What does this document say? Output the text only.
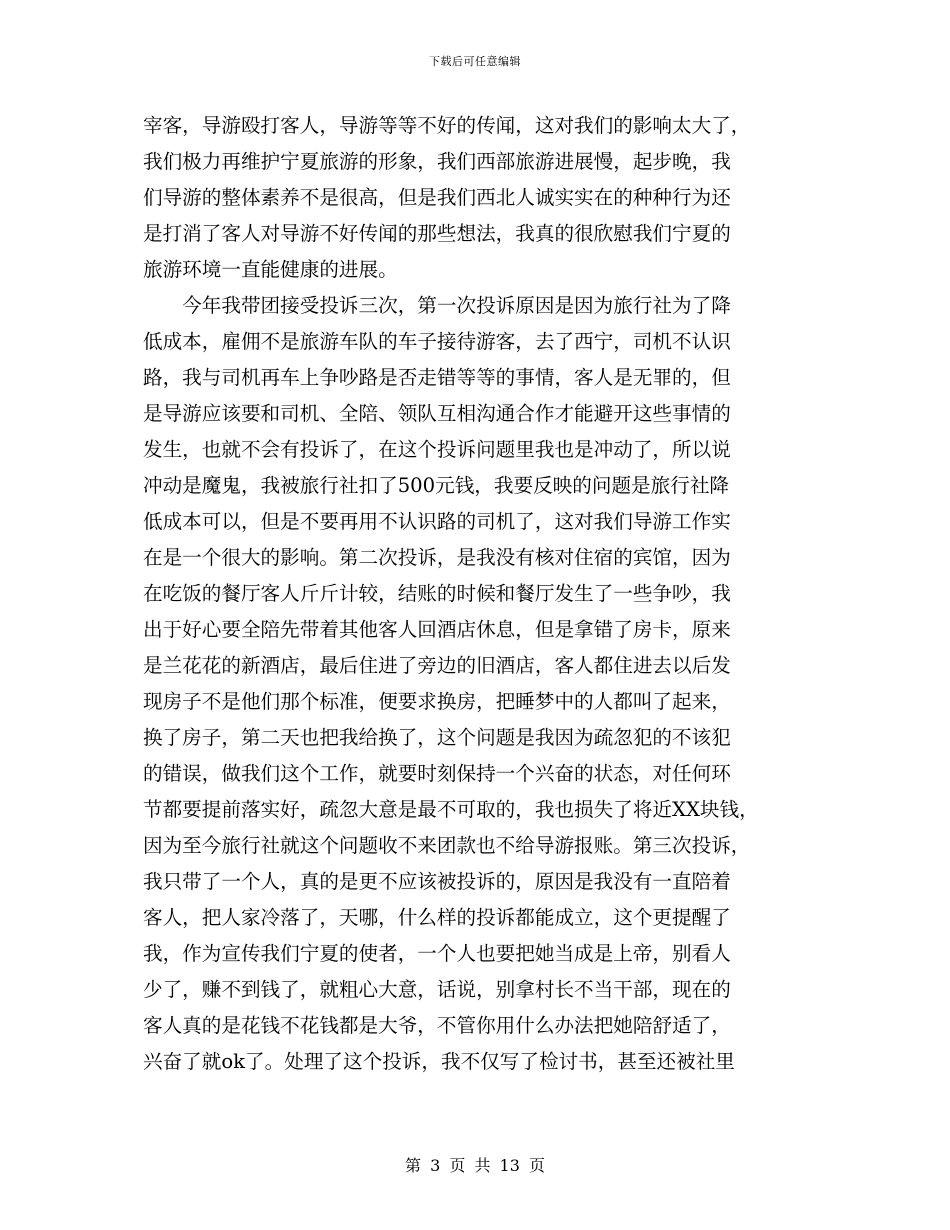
下载后可任意编辑
宰客，导游殴打客人，导游等等不好的传闻，这对我们的影响太大了，
我们极力再维护宁夏旅游的形象，我们西部旅游进展慢，起步晚，我
们导游的整体素养不是很高，但是我们西北人诚实实在的种种行为还
是打消了客人对导游不好传闻的那些想法，我真的很欣慰我们宁夏的
旅游环境一直能健康的进展。
　　今年我带团接受投诉三次，第一次投诉原因是因为旅行社为了降
低成本，雇佣不是旅游车队的车子接待游客，去了西宁，司机不认识
路，我与司机再车上争吵路是否走错等等的事情，客人是无罪的，但
是导游应该要和司机、全陪、领队互相沟通合作才能避开这些事情的
发生，也就不会有投诉了，在这个投诉问题里我也是冲动了，所以说
冲动是魔鬼，我被旅行社扣了500元钱，我要反映的问题是旅行社降
低成本可以，但是不要再用不认识路的司机了，这对我们导游工作实
在是一个很大的影响。第二次投诉，是我没有核对住宿的宾馆，因为
在吃饭的餐厅客人斤斤计较，结账的时候和餐厅发生了一些争吵，我
出于好心要全陪先带着其他客人回酒店休息，但是拿错了房卡，原来
是兰花花的新酒店，最后住进了旁边的旧酒店，客人都住进去以后发
现房子不是他们那个标准，便要求换房，把睡梦中的人都叫了起来，
换了房子，第二天也把我给换了，这个问题是我因为疏忽犯的不该犯
的错误，做我们这个工作，就要时刻保持一个兴奋的状态，对任何环
节都要提前落实好，疏忽大意是最不可取的，我也损失了将近XX块钱，
因为至今旅行社就这个问题收不来团款也不给导游报账。第三次投诉，
我只带了一个人，真的是更不应该被投诉的，原因是我没有一直陪着
客人，把人家冷落了，天哪，什么样的投诉都能成立，这个更提醒了
我，作为宣传我们宁夏的使者，一个人也要把她当成是上帝，别看人
少了，赚不到钱了，就粗心大意，话说，别拿村长不当干部，现在的
客人真的是花钱不花钱都是大爷，不管你用什么办法把她陪舒适了，
兴奋了就ok了。处理了这个投诉，我不仅写了检讨书，甚至还被社里
第 3 页 共 13 页
